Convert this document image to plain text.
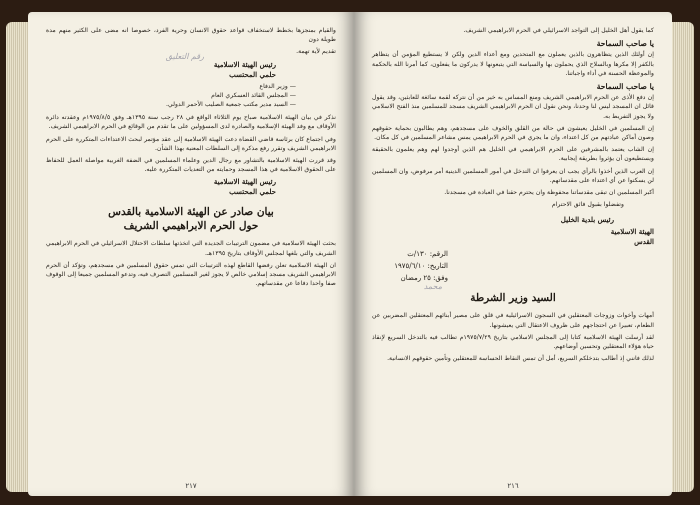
والقيام بمنجزها بخطط لاستخفاف قواعد حقوق الانسان وحرية الفرد، خصوصا انه مضى على الكثير منهم مدة طويلة دون

تقديم لأية تهمة.

رئيس الهيئة الاسلامية
حلمي المحتسب
— وزير الدفاع
— المجلس القائد العسكري العام
— السيد مدير مكتب جمعية الصليب الأحمر الدولي.

نذكر في بيان الهيئة الاسلامية صباح يوم الثلاثاء الواقع في ٢٨ رجب سنة ١٣٩٥هـ وفق ١٩٧٥/٨/٥م وعقدته دائرة الأوقاف مع وفد الهيئة الإسلامية والصادرة لدى المسؤولين على ما تقدم من الوقائع في الحرم الابراهيمي الشريف.

وفي اجتماع كان برئاسة قاضي القضاة دعت الهيئة الاسلامية إلى عقد مؤتمر لبحث الاعتداءات المتكررة على الحرم الابراهيمي الشريف وتقرر رفع مذكرة إلى السلطات المعنية بهذا الشأن.

وقد قررت الهيئة الاسلامية بالتشاور مع رجال الدين وعلماء المسلمين في الضفة الغربية مواصلة العمل للحفاظ على الحقوق الاسلامية في هذا المسجد وحمايته من التعديات المتكررة عليه.

رئيس الهيئة الاسلامية
حلمي المحتسب
بيان صادر عن الهيئة الاسلامية بالقدس
حول الحرم الابراهيمي الشريف

بحثت الهيئة الاسلامية في مضمون الترتيبات الجديدة التي اتخذتها سلطات الاحتلال الاسرائيلي في الحرم الابراهيمي الشريف والتي بلغها لمجلس الأوقاف بتاريخ ١٣٩٥هـ.

ان الهيئة الاسلامية تعلن رفضها القاطع لهذه الترتيبات التي تمس حقوق المسلمين في مسجدهم، وتؤكد أن الحرم الابراهيمي الشريف مسجد إسلامي خالص لا يجوز لغير المسلمين التصرف فيه، وتدعو المسلمين جميعا إلى الوقوف صفا واحدا دفاعا عن مقدساتهم.

رقم التعليق
٢١٧

كما يقول أهل الخليل إلى التواجد الاسرائيلي في الحرم الابراهيمي الشريف.

يا صاحب السماحة

إن أولئك الذين يتظاهرون بالذين يعملون مع المتحدين ومع أعداء الدين ولكن لا يستطيع المؤمن أن يتظاهر بالكفر إلا مكرها وبالسلاح الذي يحملون بها والسياسة التي يتبعونها لا يدركون ما يفعلون، كما أمرنا الله بالحكمة والموعظة الحسنة في أداء واجباتنا.

يا صاحب السماحة

إن دفع الأذى عن الحرم الابراهيمي الشريف ومنع المساس به خير من أن نتركه لقمة سائغة للعابثين، وقد يقول قائل ان المسجد ليس لنا وحدنا، ونحن نقول ان الحرم الابراهيمي الشريف مسجد للمسلمين منذ الفتح الاسلامي ولا يجوز التفريط به.

إن المسلمين في الخليل يعيشون في حالة من القلق والخوف على مسجدهم، وهم يطالبون بحماية حقوقهم وصون أماكن عبادتهم من كل اعتداء، وان ما يجري في الحرم الابراهيمي يمس مشاعر المسلمين في كل مكان.

إن الشاب يعتمد بالمشرفين على الحرم الابراهيمي في الخليل هم الذين أوجدوا لهم وهم يعلمون بالحقيقة ويستطيعون أن يؤثروا بطريقة إيجابية.

إن العرب الذين أخذوا بالرأي يجب ان يعرفوا ان التدخل في أمور المسلمين الدينية أمر مرفوض، وان المسلمين لن يسكتوا عن أي اعتداء على مقدساتهم.

أكبر المسلمين ان تبقى مقدساتنا محفوظة وان يحترم حقنا في العبادة في مسجدنا.

وتفضلوا بقبول فائق الاحترام
رئيس بلدية الخليل
الهيئة الاسلامية
القدس
الرقم: ١٣٠/ت
التاريخ: ١٩٧٥/٦/١٠
وفق: ٢٥ رمضان
السيد وزير الشرطة

أمهات وأخوات وزوجات المعتقلين في السجون الاسرائيلية في قلق على مصير أبنائهم المعتقلين المضربين عن الطعام، تعبيرا عن احتجاجهم على ظروف الاعتقال التي يعيشونها.

لقد أرسلت الهيئة الاسلامية كتابا إلى المجلس الاسلامي بتاريخ ١٩٧٥/٧/٢٩م تطالب فيه بالتدخل السريع لإنقاذ حياة هؤلاء المعتقلين وتحسين أوضاعهم.

لذلك فانني إذ أطالب بتدخلكم السريع، أمل أن تمس النقاط الحساسة للمعتقلين وتأمين حقوقهم الانسانية.

محمد
٢١٦
